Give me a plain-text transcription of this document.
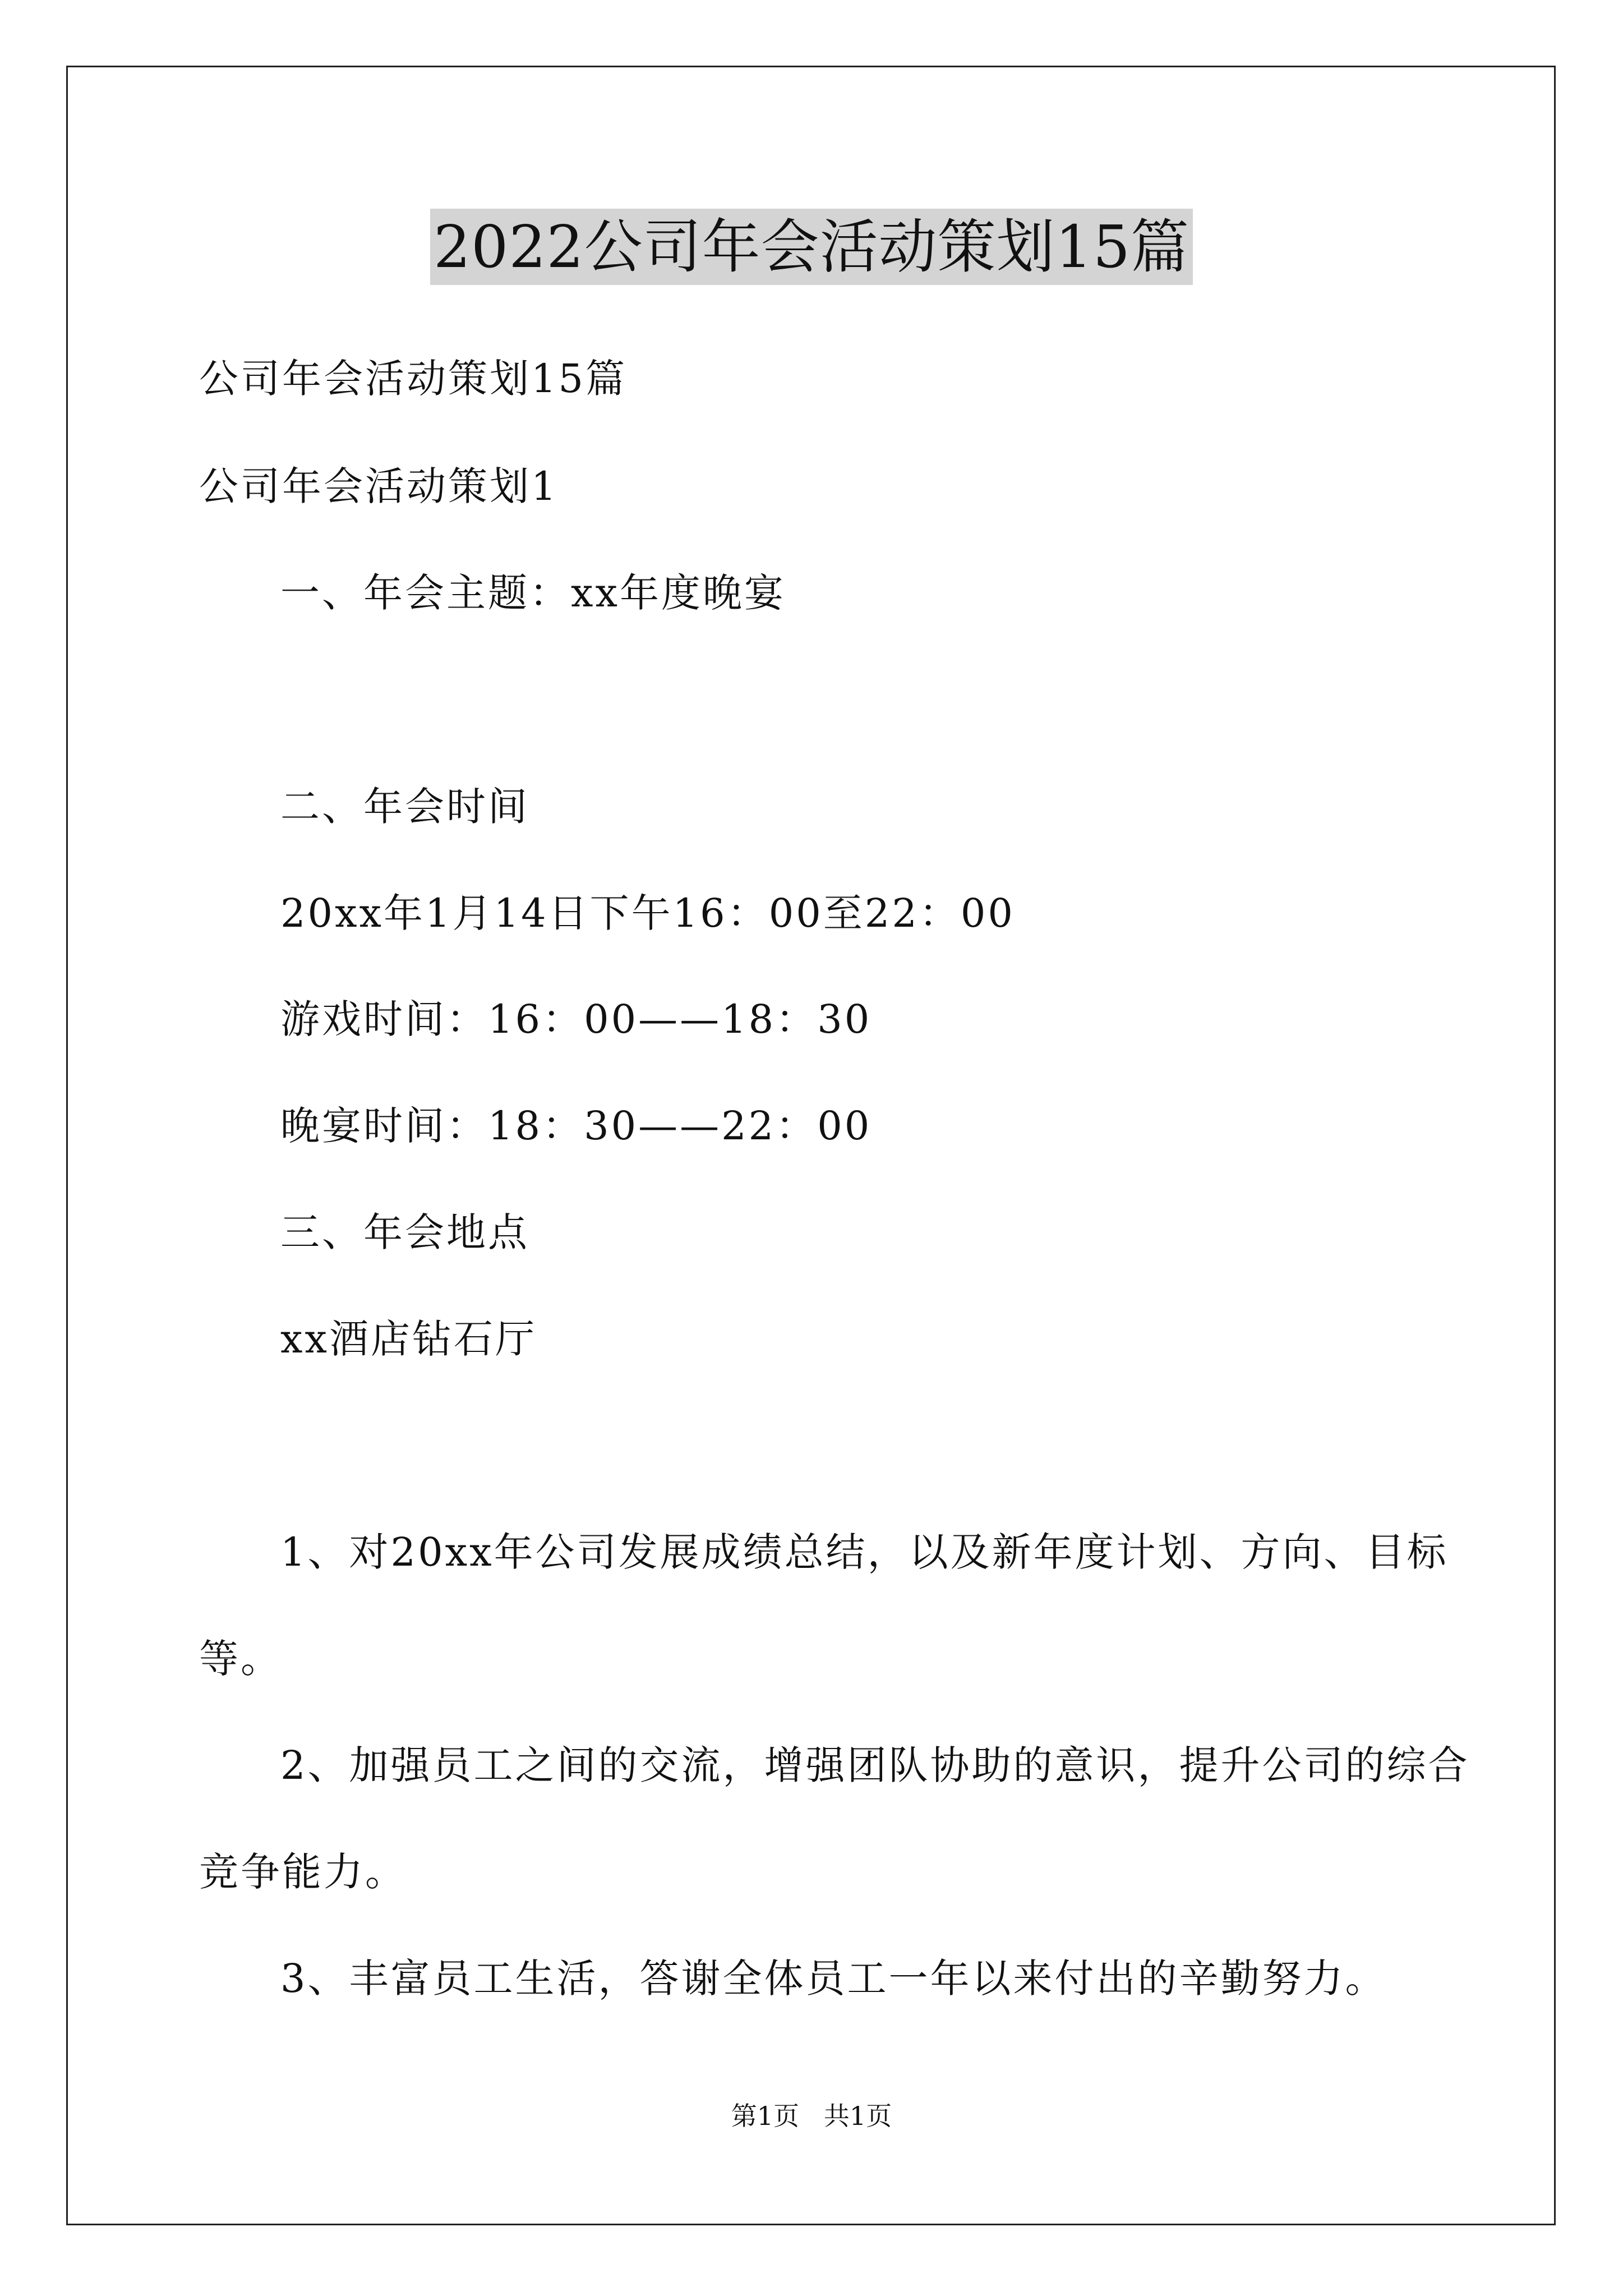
2022公司年会活动策划15篇
公司年会活动策划15篇
公司年会活动策划1
一、年会主题：xx年度晚宴
二、年会时间
20xx年1月14日下午16：00至22：00
游戏时间：16：00——18：30
晚宴时间：18：30——22：00
三、年会地点
xx酒店钻石厅
1、对20xx年公司发展成绩总结，以及新年度计划、方向、目标
等。
2、加强员工之间的交流，增强团队协助的意识，提升公司的综合
竞争能力。
3、丰富员工生活，答谢全体员工一年以来付出的辛勤努力。
第1页   共1页
